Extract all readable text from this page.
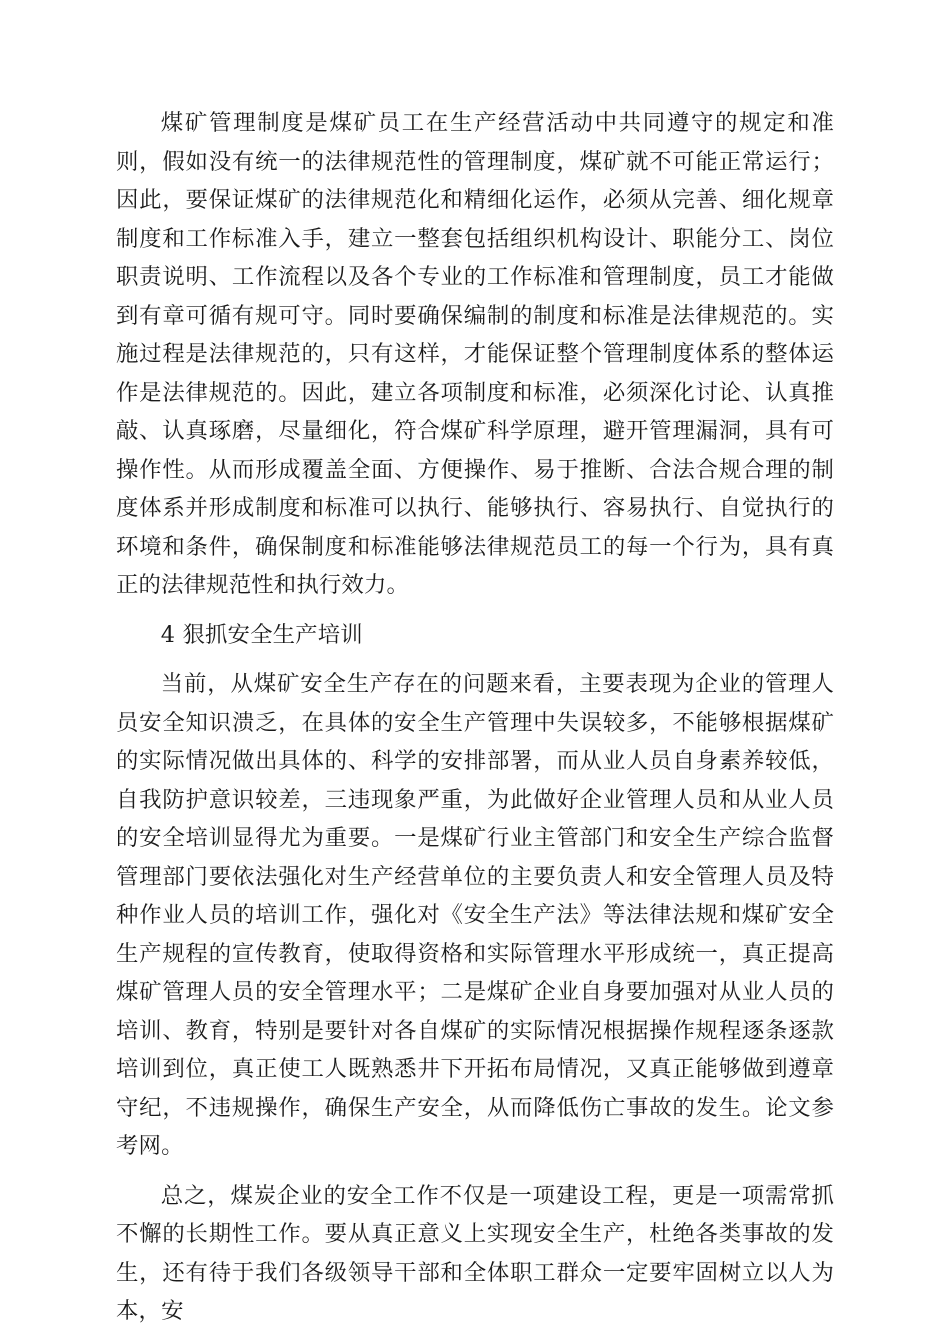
煤矿管理制度是煤矿员工在生产经营活动中共同遵守的规定和准则，假如没有统一的法律规范性的管理制度，煤矿就不可能正常运行；因此，要保证煤矿的法律规范化和精细化运作，必须从完善、细化规章制度和工作标准入手，建立一整套包括组织机构设计、职能分工、岗位职责说明、工作流程以及各个专业的工作标准和管理制度，员工才能做到有章可循有规可守。同时要确保编制的制度和标准是法律规范的。实施过程是法律规范的，只有这样，才能保证整个管理制度体系的整体运作是法律规范的。因此，建立各项制度和标准，必须深化讨论、认真推敲、认真琢磨，尽量细化，符合煤矿科学原理，避开管理漏洞，具有可操作性。从而形成覆盖全面、方便操作、易于推断、合法合规合理的制度体系并形成制度和标准可以执行、能够执行、容易执行、自觉执行的环境和条件，确保制度和标准能够法律规范员工的每一个行为，具有真正的法律规范性和执行效力。

4 狠抓安全生产培训

当前，从煤矿安全生产存在的问题来看，主要表现为企业的管理人员安全知识溃乏，在具体的安全生产管理中失误较多，不能够根据煤矿的实际情况做出具体的、科学的安排部署，而从业人员自身素养较低，自我防护意识较差，三违现象严重，为此做好企业管理人员和从业人员的安全培训显得尤为重要。一是煤矿行业主管部门和安全生产综合监督管理部门要依法强化对生产经营单位的主要负责人和安全管理人员及特种作业人员的培训工作，强化对《安全生产法》等法律法规和煤矿安全生产规程的宣传教育，使取得资格和实际管理水平形成统一，真正提高煤矿管理人员的安全管理水平；二是煤矿企业自身要加强对从业人员的培训、教育，特别是要针对各自煤矿的实际情况根据操作规程逐条逐款培训到位，真正使工人既熟悉井下开拓布局情况，又真正能够做到遵章守纪，不违规操作，确保生产安全，从而降低伤亡事故的发生。论文参考网。

总之，煤炭企业的安全工作不仅是一项建设工程，更是一项需常抓不懈的长期性工作。要从真正意义上实现安全生产，杜绝各类事故的发生，还有待于我们各级领导干部和全体职工群众一定要牢固树立以人为本，安
